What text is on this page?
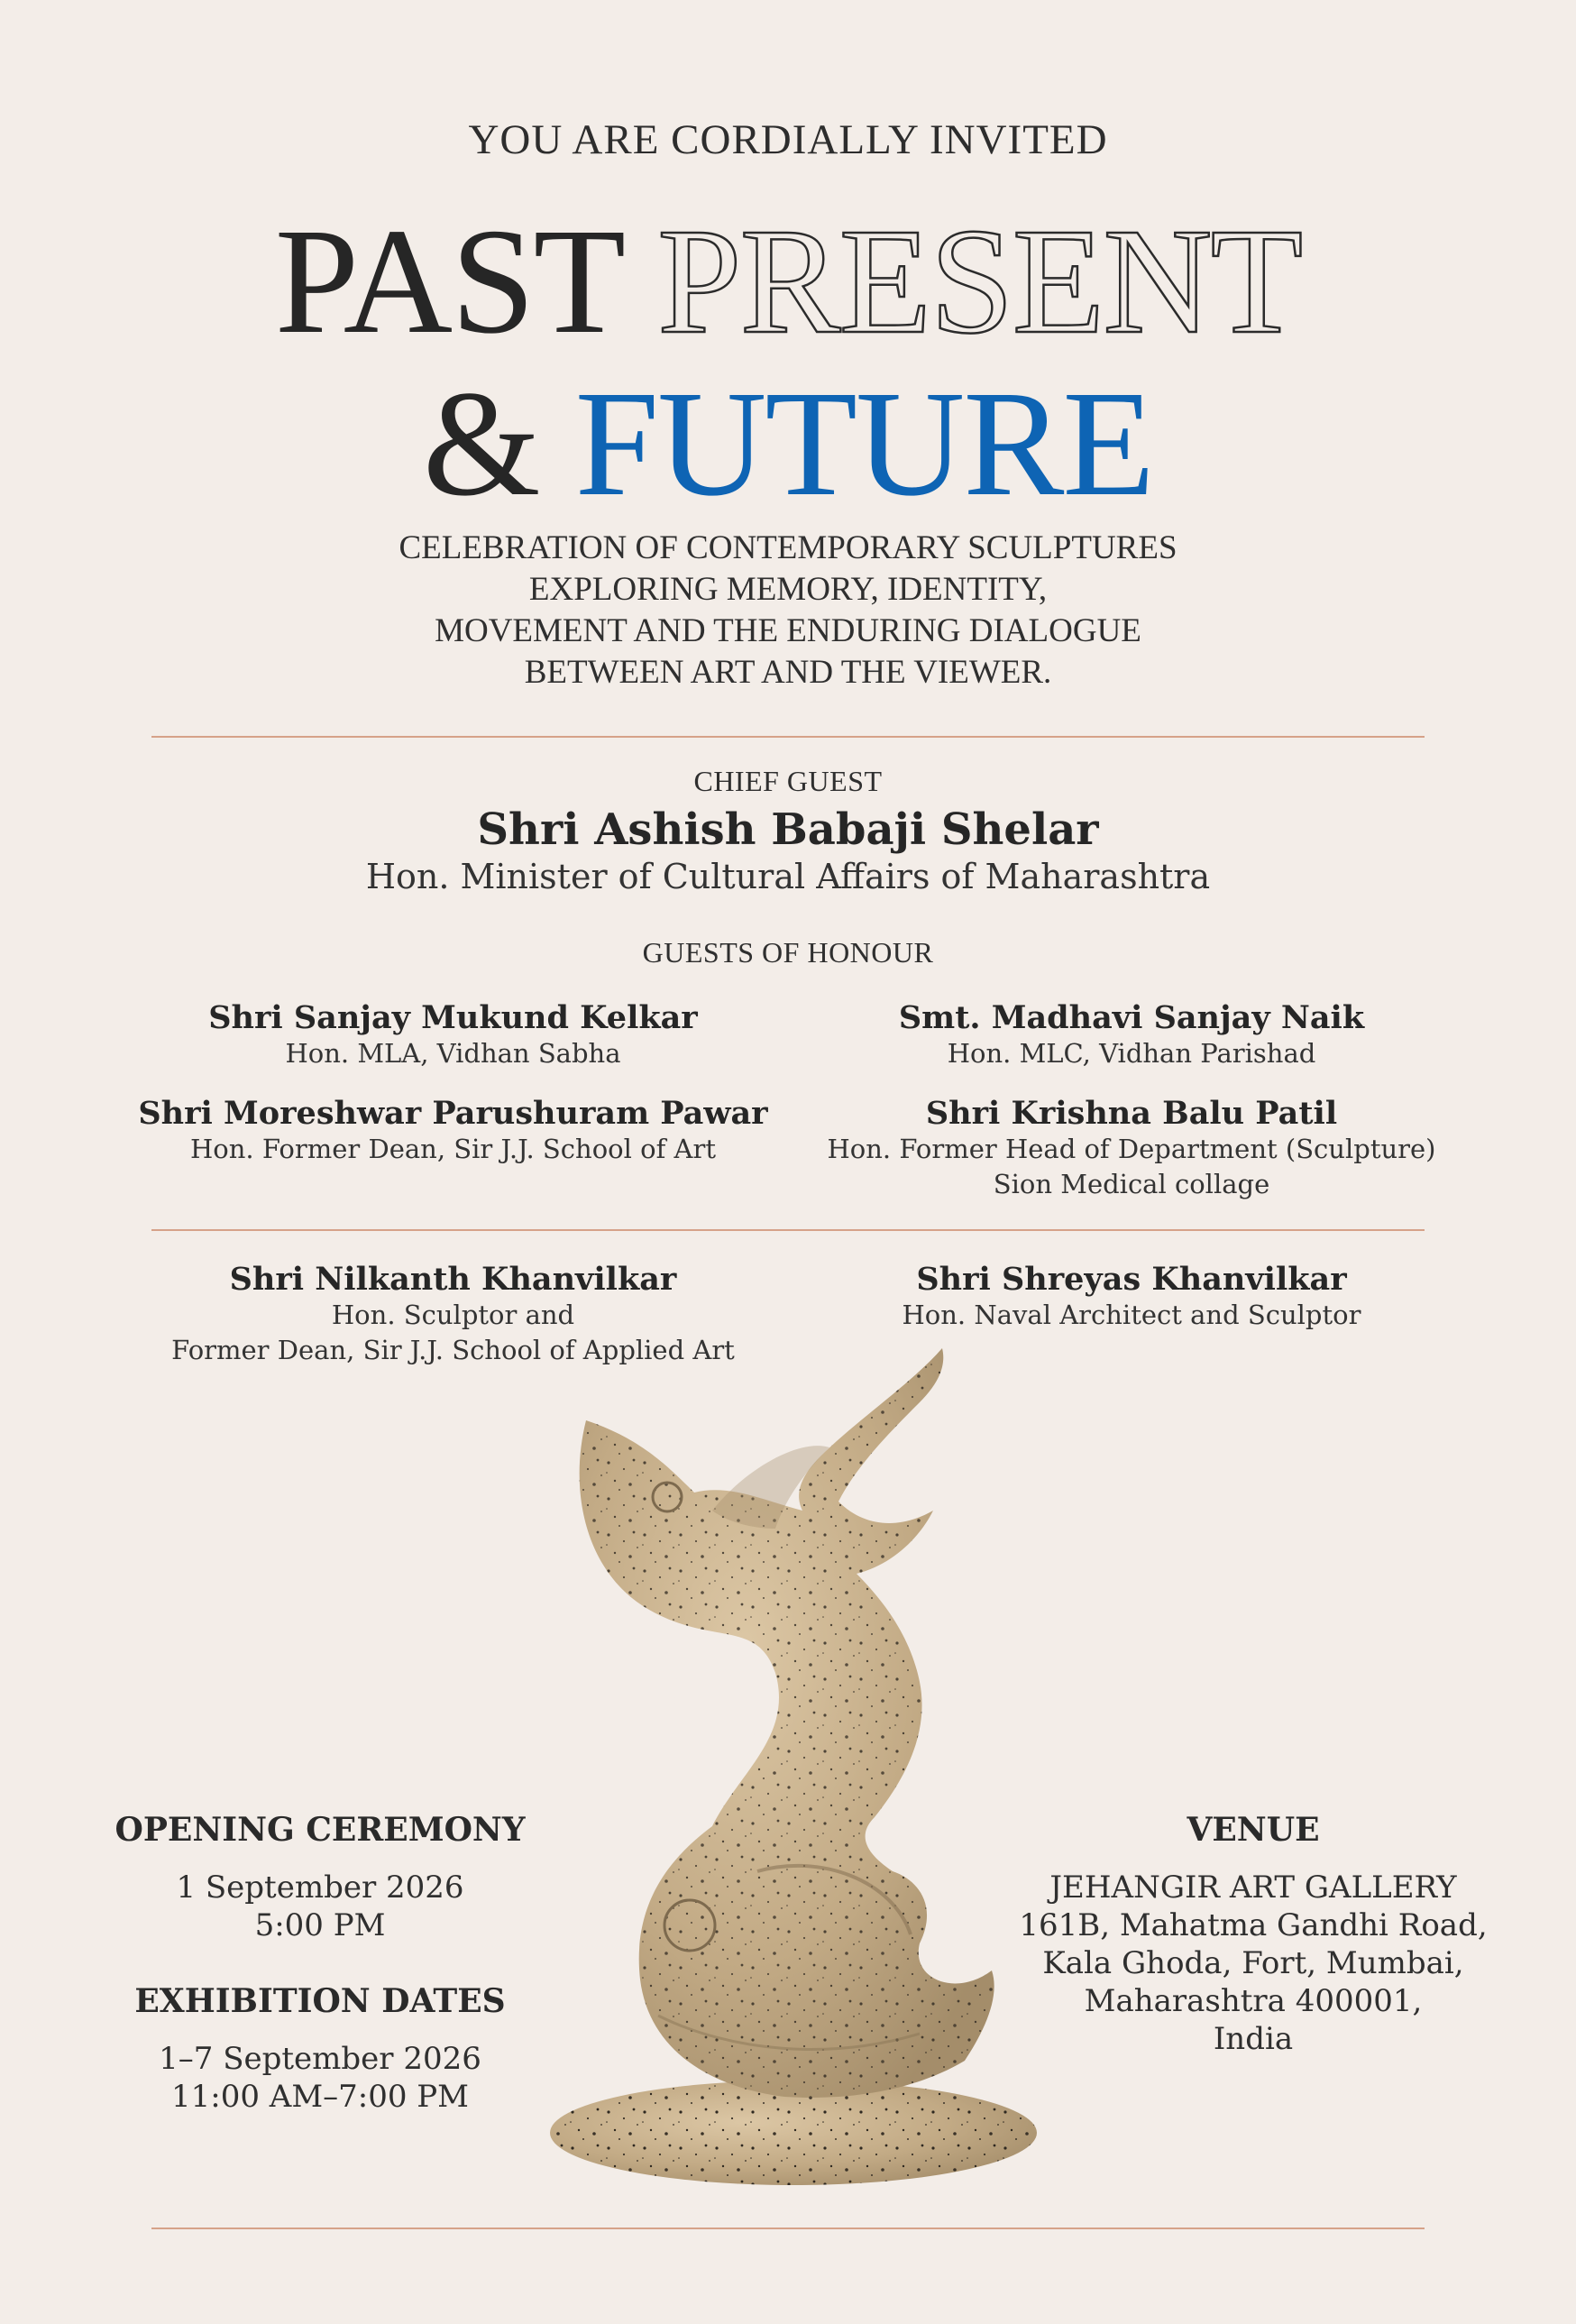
YOU ARE CORDIALLY INVITED
PAST PRESENT
& FUTURE
CELEBRATION OF CONTEMPORARY SCULPTURES
EXPLORING MEMORY, IDENTITY,
MOVEMENT AND THE ENDURING DIALOGUE
BETWEEN ART AND THE VIEWER.
CHIEF GUEST
Shri Ashish Babaji Shelar
Hon. Minister of Cultural Affairs of Maharashtra
GUESTS OF HONOUR
Shri Sanjay Mukund Kelkar
Hon. MLA, Vidhan Sabha
Smt. Madhavi Sanjay Naik
Hon. MLC, Vidhan Parishad
Shri Moreshwar Parushuram Pawar
Hon. Former Dean, Sir J.J. School of Art
Shri Krishna Balu Patil
Hon. Former Head of Department (Sculpture)
Sion Medical collage
Shri Nilkanth Khanvilkar
Hon. Sculptor and
Former Dean, Sir J.J. School of Applied Art
Shri Shreyas Khanvilkar
Hon. Naval Architect and Sculptor
OPENING CEREMONY
1 September 2026
5:00 PM
EXHIBITION DATES
1–7 September 2026
11:00 AM–7:00 PM
VENUE
JEHANGIR ART GALLERY
161B, Mahatma Gandhi Road,
Kala Ghoda, Fort, Mumbai,
Maharashtra 400001,
India
